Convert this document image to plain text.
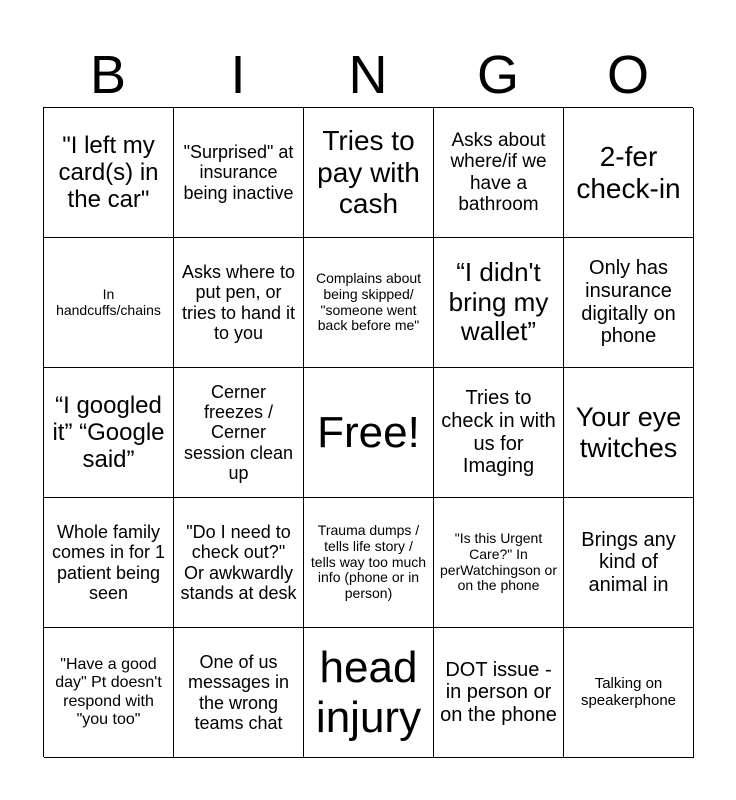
B	I	N	G	O
"I left my card(s) in the car"
"Surprised" at insurance being inactive
Tries to pay with cash
Asks about where/if we have a bathroom
2-fer check-in
In handcuffs/chains
Asks where to put pen, or tries to hand it to you
Complains about being skipped/ "someone went back before me"
“I didn't bring my wallet”
Only has insurance digitally on phone
“I googled it” “Google said”
Cerner freezes / Cerner session clean up
Free!
Tries to check in with us for Imaging
Your eye twitches
Whole family comes in for 1 patient being seen
"Do I need to check out?" Or awkwardly stands at desk
Trauma dumps / tells life story / tells way too much info (phone or in person)
"Is this Urgent Care?" In perWatchingson or on the phone
Brings any kind of animal in
"Have a good day" Pt doesn't respond with "you too"
One of us messages in the wrong teams chat
head injury
DOT issue - in person or on the phone
Talking on speakerphone
